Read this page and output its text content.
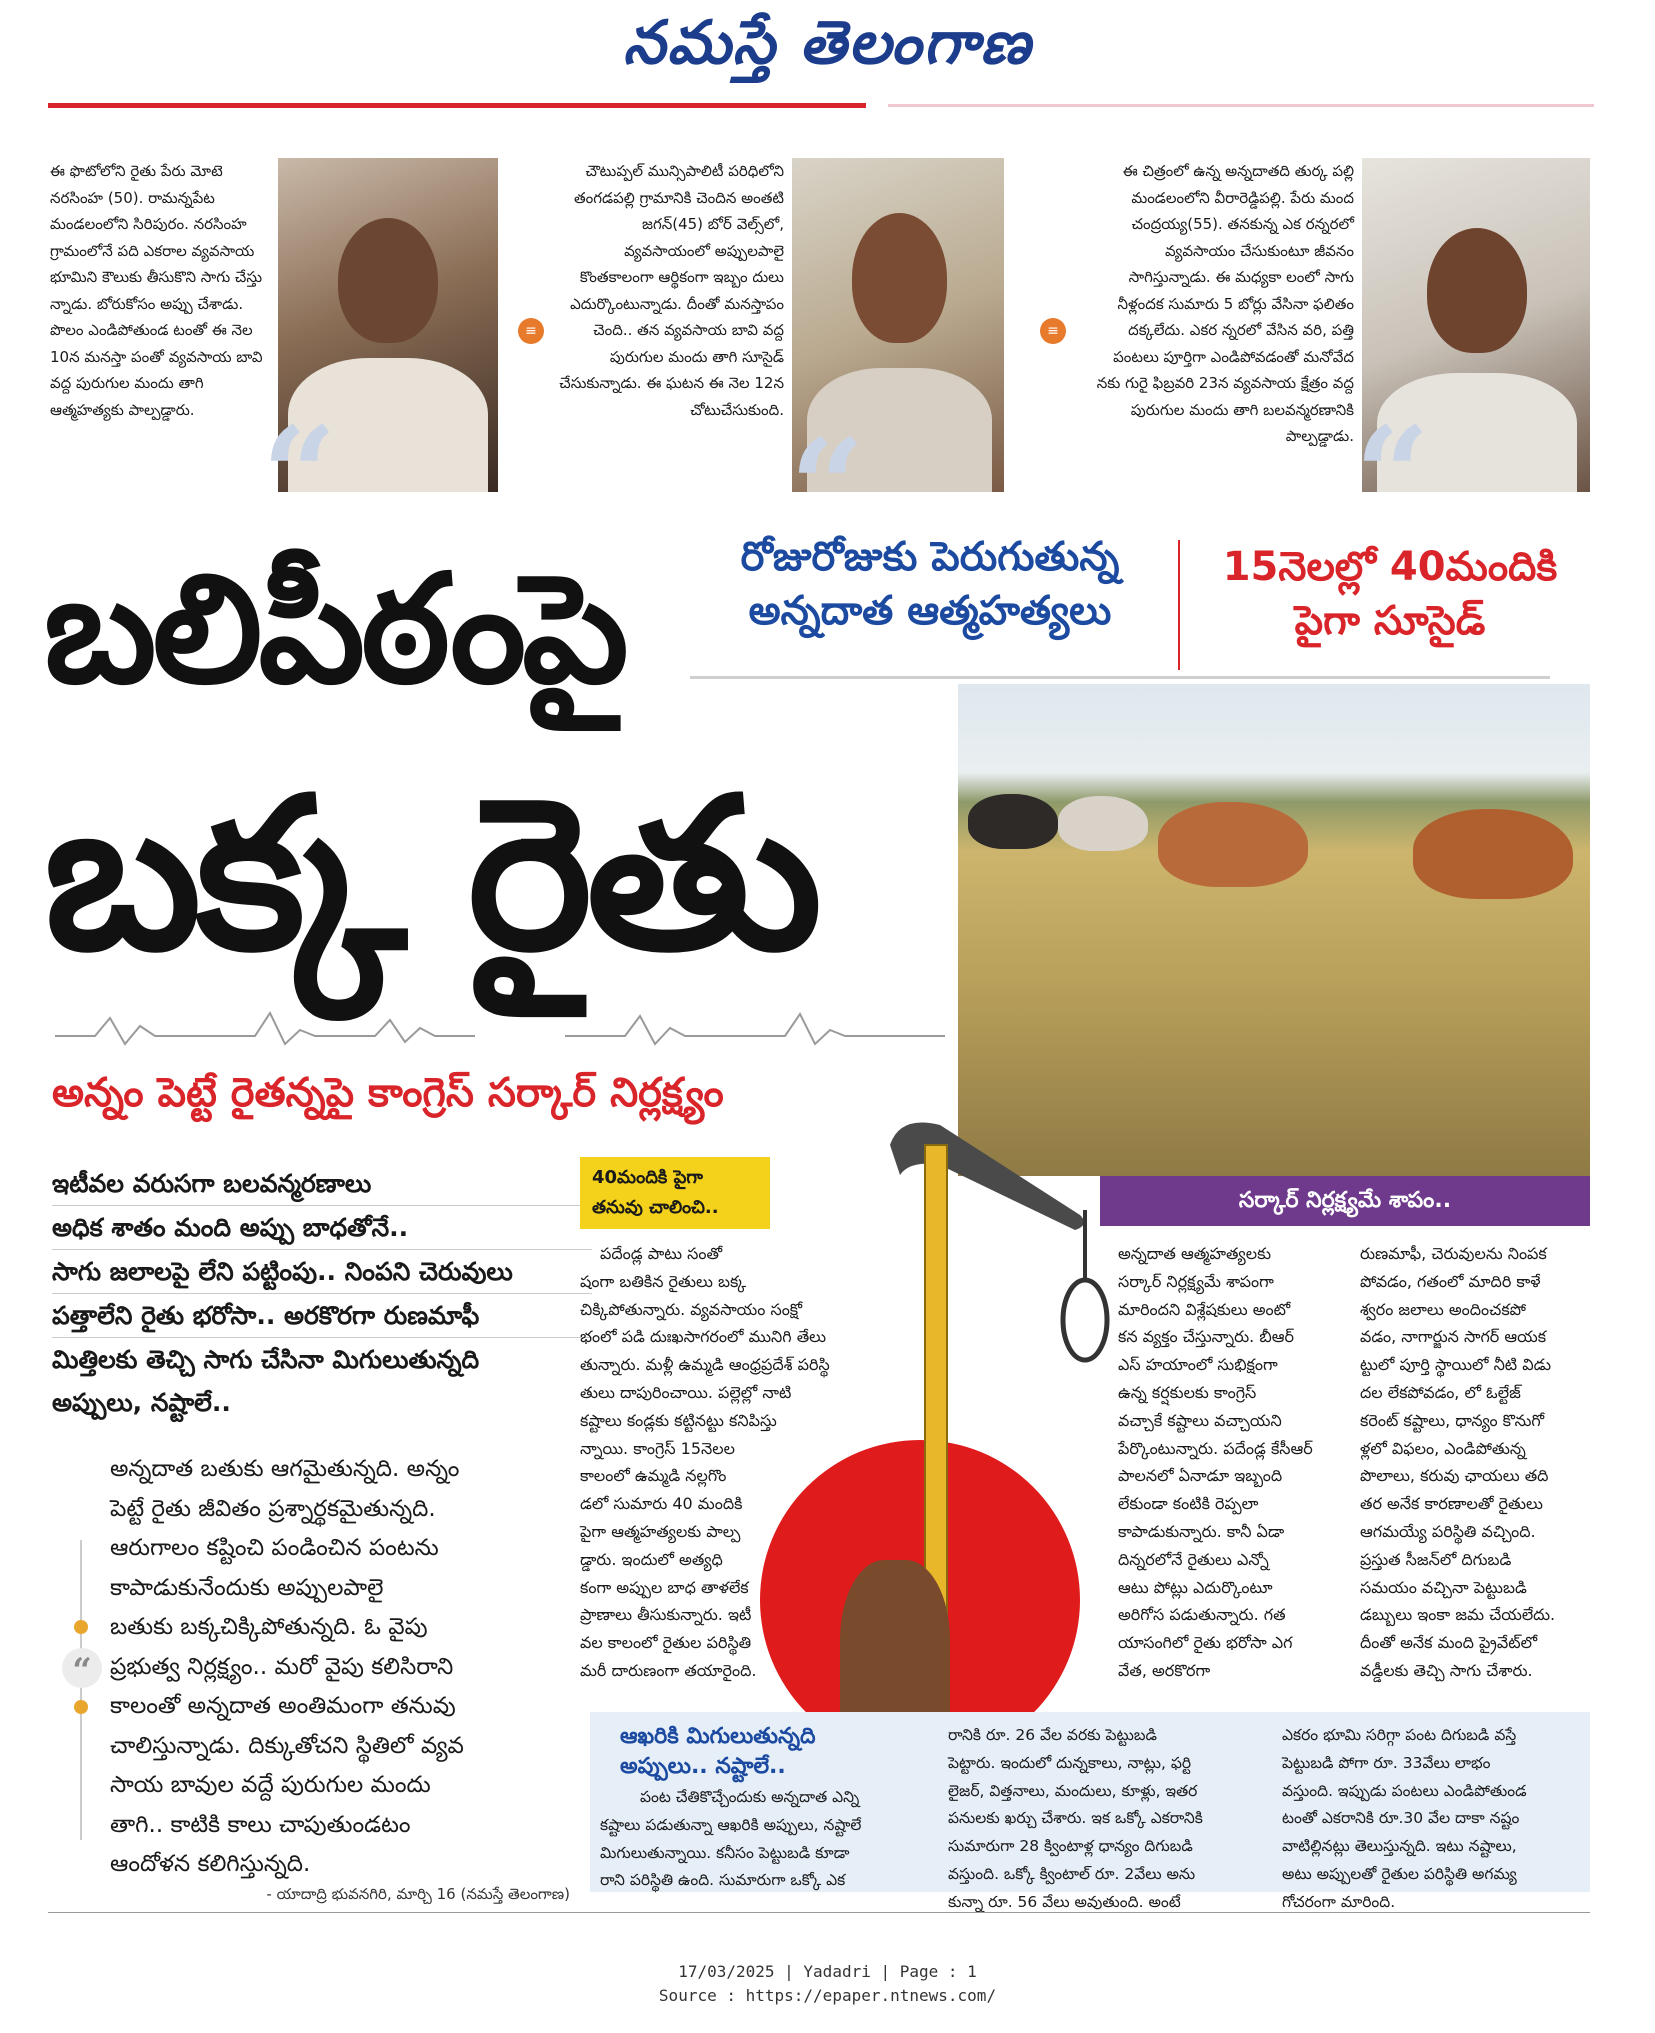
నమస్తే తెలంగాణ
ఈ ఫొటోలోని రైతు పేరు మోటె నరసింహ (50). రామన్నపేట మండలంలోని సిరిపురం. నరసింహ గ్రామంలోనే పది ఎకరాల వ్యవసాయ భూమిని కౌలుకు తీసుకొని సాగు చేస్తు న్నాడు. బోరుకోసం అప్పు చేశాడు. పొలం ఎండిపోతుండ టంతో ఈ నెల 10న మనస్తా పంతో వ్యవసాయ బావి వద్ద పురుగుల మందు తాగి ఆత్మహత్యకు పాల్పడ్డారు.
≡
“
చౌటుప్పల్ మున్సిపాలిటీ పరిధిలోని తంగడపల్లి గ్రామానికి చెందిన అంతటి జగన్(45) బోర్ వెల్స్‌లో, వ్యవసాయంలో అప్పులపాలై కొంతకాలంగా ఆర్థికంగా ఇబ్బం దులు ఎదుర్కొంటున్నాడు. దీంతో మనస్తాపం చెంది.. తన వ్యవసాయ బావి వద్ద పురుగుల మందు తాగి సూసైడ్ చేసుకున్నాడు. ఈ ఘటన ఈ నెల 12న చోటుచేసుకుంది.
≡
“
ఈ చిత్రంలో ఉన్న అన్నదాతది తుర్క పల్లి మండలంలోని వీరారెడ్డిపల్లి. పేరు మంద చంద్రయ్య(55). తనకున్న ఎక రన్నరలో వ్యవసాయం చేసుకుంటూ జీవనం సాగిస్తున్నాడు. ఈ మధ్యకా లంలో సాగు నీళ్లందక సుమారు 5 బోర్లు వేసినా ఫలితం దక్కలేదు. ఎకర న్నరలో వేసిన వరి, పత్తి పంటలు పూర్తిగా ఎండిపోవడంతో మనోవేద నకు గురై ఫిబ్రవరి 23న వ్యవసాయ క్షేత్రం వద్ద పురుగుల మందు తాగి బలవన్మరణానికి పాల్పడ్డాడు. “
బలిపీఠంపై
బక్క రైతు
రోజురోజుకు పెరుగుతున్న
అన్నదాత ఆత్మహత్యలు
15నెలల్లో 40మందికి
పైగా సూసైడ్
అన్నం పెట్టే రైతన్నపై కాంగ్రెస్ సర్కార్ నిర్లక్ష్యం
ఇటీవల వరుసగా బలవన్మరణాలు
అధిక శాతం మంది అప్పు బాధతోనే..
సాగు జలాలపై లేని పట్టింపు.. నింపని చెరువులు
పత్తాలేని రైతు భరోసా.. అరకొరగా రుణమాఫీ
మిత్తిలకు తెచ్చి సాగు చేసినా మిగులుతున్నది
అప్పులు, నష్టాలే..
అన్నదాత బతుకు ఆగమైతున్నది. అన్నం
పెట్టే రైతు జీవితం ప్రశ్నార్థకమైతున్నది.
ఆరుగాలం కష్టించి పండించిన పంటను
కాపాడుకునేందుకు అప్పులపాలై
బతుకు బక్కచిక్కిపోతున్నది. ఓ వైపు
ప్రభుత్వ నిర్లక్ష్యం.. మరో వైపు కలిసిరాని
కాలంతో అన్నదాత అంతిమంగా తనువు
చాలిస్తున్నాడు. దిక్కుతోచని స్థితిలో వ్యవ
సాయ బావుల వద్దే పురుగుల మందు
తాగి.. కాటికి కాలు చాపుతుండటం
ఆందోళన కలిగిస్తున్నది.
“
- యాదాద్రి భువనగిరి, మార్చి 16 (నమస్తే తెలంగాణ)
40మందికి పైగా
తనువు చాలించి..
పదేండ్ల పాటు సంతో
షంగా బతికిన రైతులు బక్క
చిక్కిపోతున్నారు. వ్యవసాయం సంక్షో
భంలో పడి దుఃఖసాగరంలో మునిగి తేలు
తున్నారు. మళ్లీ ఉమ్మడి ఆంధ్రప్రదేశ్ పరిస్థి
తులు దాపురించాయి. పల్లెల్లో నాటి
కష్టాలు కండ్లకు కట్టినట్టు కనిపిస్తు
న్నాయి. కాంగ్రెస్ 15నెలల
కాలంలో ఉమ్మడి నల్లగొం
డలో సుమారు 40 మందికి
పైగా ఆత్మహత్యలకు పాల్ప
డ్డారు. ఇందులో అత్యధి
కంగా అప్పుల బాధ తాళలేక
ప్రాణాలు తీసుకున్నారు. ఇటీ
వల కాలంలో రైతుల పరిస్థితి
మరీ దారుణంగా తయారైంది.
సర్కార్ నిర్లక్ష్యమే శాపం..
అన్నదాత ఆత్మహత్యలకు
సర్కార్ నిర్లక్ష్యమే శాపంగా
మారిందని విశ్లేషకులు అంటో
కన వ్యక్తం చేస్తున్నారు. బీఆర్
ఎస్ హయాంలో సుభిక్షంగా
ఉన్న కర్షకులకు కాంగ్రెస్
వచ్చాకే కష్టాలు వచ్చాయని
పేర్కొంటున్నారు. పదేండ్ల కేసీఆర్
పాలనలో ఏనాడూ ఇబ్బంది
లేకుండా కంటికి రెప్పలా
కాపాడుకున్నారు. కానీ ఏడా
దిన్నరలోనే రైతులు ఎన్నో
ఆటు పోట్లు ఎదుర్కొంటూ
అరిగోస పడుతున్నారు. గత
యాసంగిలో రైతు భరోసా ఎగ
వేత, అరకొరగా
రుణమాఫీ, చెరువులను నింపక
పోవడం, గతంలో మాదిరి కాళే
శ్వరం జలాలు అందించకపో
వడం, నాగార్జున సాగర్ ఆయక
ట్టులో పూర్తి స్థాయిలో నీటి విడు
దల లేకపోవడం, లో ఓల్టేజ్
కరెంట్ కష్టాలు, ధాన్యం కొనుగో
ళ్లలో విఫలం, ఎండిపోతున్న
పొలాలు, కరువు ఛాయలు తది
తర అనేక కారణాలతో రైతులు
ఆగమయ్యే పరిస్థితి వచ్చింది.
ప్రస్తుత సీజన్‌లో దిగుబడి
సమయం వచ్చినా పెట్టుబడి
డబ్బులు ఇంకా జమ చేయలేదు.
దీంతో అనేక మంది ప్రైవేట్‌లో
వడ్డీలకు తెచ్చి సాగు చేశారు.
ఆఖరికి మిగులుతున్నది
అప్పులు.. నష్టాలే..
పంట చేతికొచ్చేందుకు అన్నదాత ఎన్ని
కష్టాలు పడుతున్నా ఆఖరికి అప్పులు, నష్టాలే
మిగులుతున్నాయి. కనీసం పెట్టుబడి కూడా
రాని పరిస్థితి ఉంది. సుమారుగా ఒక్కో ఎక
రానికి రూ. 26 వేల వరకు పెట్టుబడి
పెట్టారు. ఇందులో దున్నకాలు, నాట్లు, ఫర్టి
లైజర్, విత్తనాలు, మందులు, కూళ్లు, ఇతర
పనులకు ఖర్చు చేశారు. ఇక ఒక్కో ఎకరానికి
సుమారుగా 28 క్వింటాళ్ల ధాన్యం దిగుబడి
వస్తుంది. ఒక్కో క్వింటాల్ రూ. 2వేలు అను
కున్నా రూ. 56 వేలు అవుతుంది. అంటే
ఎకరం భూమి సరిగ్గా పంట దిగుబడి వస్తే
పెట్టుబడి పోగా రూ. 33వేలు లాభం
వస్తుంది. ఇప్పుడు పంటలు ఎండిపోతుండ
టంతో ఎకరానికి రూ.30 వేల దాకా నష్టం
వాటిల్లినట్లు తెలుస్తున్నది. ఇటు నష్టాలు,
అటు అప్పులతో రైతుల పరిస్థితి అగమ్య
గోచరంగా మారింది.
17/03/2025 | Yadadri | Page : 1
Source : https://epaper.ntnews.com/
